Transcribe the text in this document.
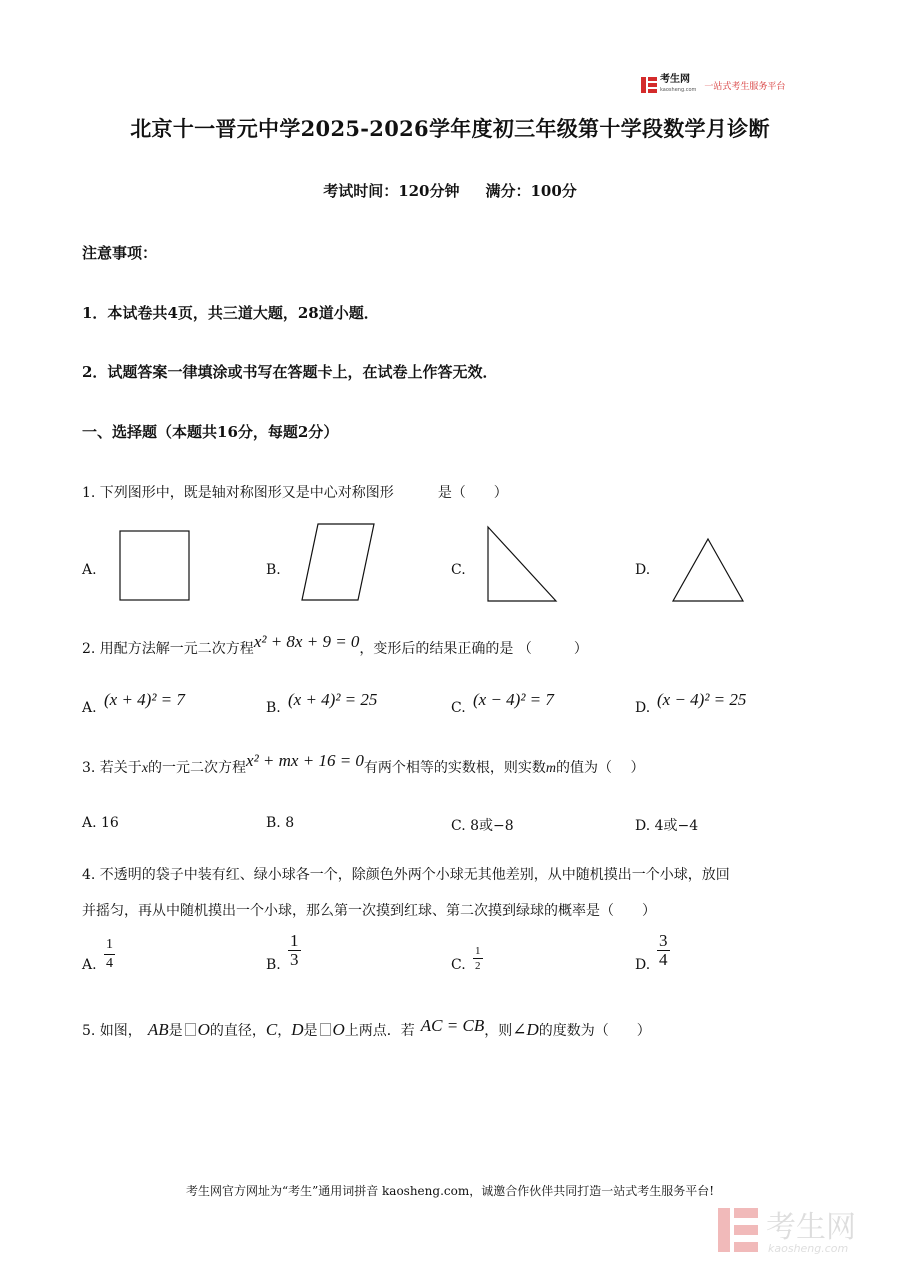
考生网
kaosheng.com 一站式考生服务平台
北京十一晋元中学2025-2026学年度初三年级第十学段数学月诊断
考试时间：120分钟 满分：100分
注意事项：
1．本试卷共4页，共三道大题，28道小题．
2．试题答案一律填涂或书写在答题卡上，在试卷上作答无效．
一、选择题（本题共16分，每题2分）
1. 下列图形中，既是轴对称图形又是中心对称图形	是（　　）
A.	B.	C.	D.
2. 用配方法解一元二次方程x² + 8x + 9 = 0，变形后的结果正确的是 （　　　）
A. (x + 4)² = 7	B. (x + 4)² = 25	C. (x − 4)² = 7	D. (x − 4)² = 25
3. 若关于x的一元二次方程x² + mx + 16 = 0有两个相等的实数根，则实数m的值为（　 ）
A. 16	B. 8	C. 8或−8	D. 4或−4
4. 不透明的袋子中装有红、绿小球各一个，除颜色外两个小球无其他差别，从中随机摸出一个小球，放回
并摇匀，再从中随机摸出一个小球，那么第一次摸到红球、第二次摸到绿球的概率是（　　）
A. $\frac{1}{4}$	B. $\frac{1}{3}$	C. $\frac{1}{2}$	D. $\frac{3}{4}$
5. 如图， AB是 O的直径，C，D是 O上两点．若 AC = CB，则∠D的度数为（　　）
考生网官方网址为“考生”通用词拼音 kaosheng.com，诚邀合作伙伴共同打造一站式考生服务平台!
考生网
kaosheng.com
